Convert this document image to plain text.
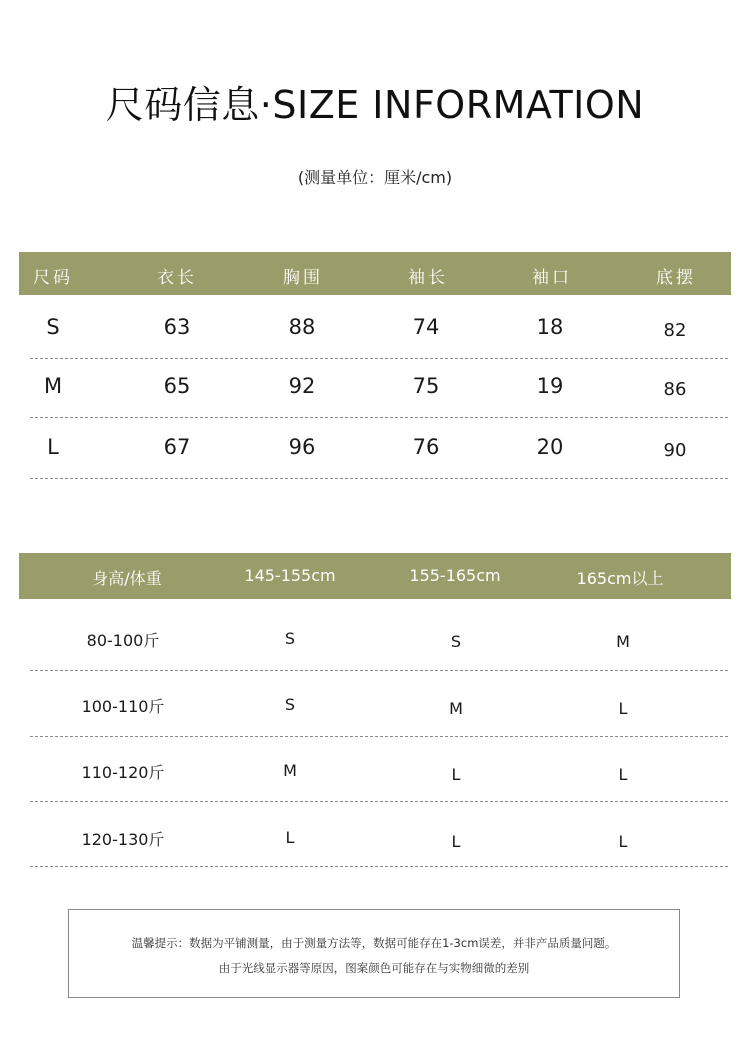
尺码信息·SIZE INFORMATION
(测量单位：厘米/cm)
尺码	衣长	胸围	袖长	袖口	底摆
S	63	88	74	18	82
M	65	92	75	19	86
L	67	96	76	20	90
身高/体重	145-155cm	155-165cm	165cm以上
80-100斤	S	S	M
100-110斤	S	M	L
110-120斤	M	L	L
120-130斤	L	L	L
温馨提示：数据为平铺测量，由于测量方法等，数据可能存在1-3cm误差，并非产品质量问题。
由于光线显示器等原因，图案颜色可能存在与实物细微的差别
